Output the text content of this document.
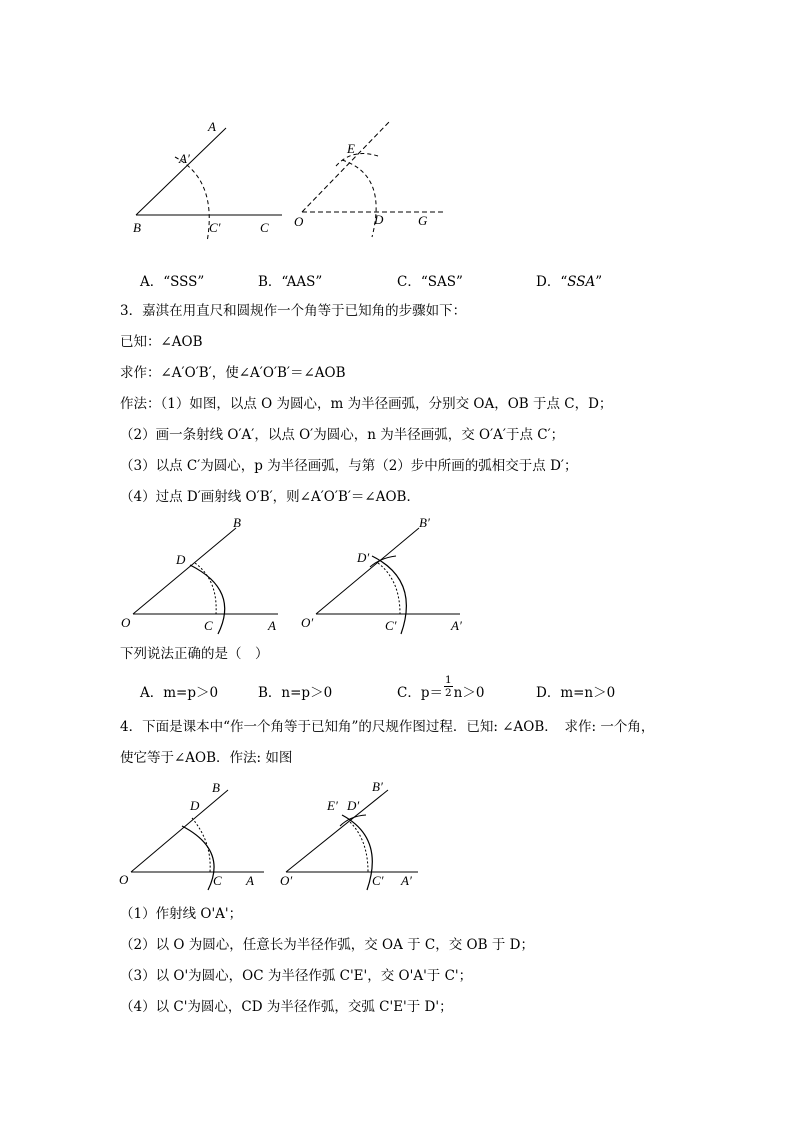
A
A′
B	C′	C
E
O	D	G
A．“SSS”	B．“AAS”	C．“SAS”	D．“SSA”
3．嘉淇在用直尺和圆规作一个角等于已知角的步骤如下：
已知：∠AOB
求作：∠A′O′B′，使∠A′O′B′＝∠AOB
作法：（1）如图，以点 O 为圆心，m 为半径画弧，分别交 OA，OB 于点 C，D；
（2）画一条射线 O′A′，以点 O′为圆心，n 为半径画弧，交 O′A′于点 C′；
（3）以点 C′为圆心，p 为半径画弧，与第（2）步中所画的弧相交于点 D′；
（4）过点 D′画射线 O′B′，则∠A′O′B′＝∠AOB．
B
D
O	C	A
B′
D′
O′	C′	A′
下列说法正确的是（　）
A．m=p＞0	B．n=p＞0	C．$p= \frac{1}{2} n>0$	D．m=n＞0
4．下面是课本中“作一个角等于已知角”的尺规作图过程．已知: ∠AOB．　求作: 一个角，
使它等于∠AOB．作法: 如图
B
D
O	C A
B′
E′ D′
O′	C′ A′
（1）作射线 O'A'；
（2）以 O 为圆心，任意长为半径作弧，交 OA 于 C，交 OB 于 D；
（3）以 O'为圆心，OC 为半径作弧 C'E'，交 O'A'于 C'；
（4）以 C'为圆心，CD 为半径作弧，交弧 C'E'于 D'；
